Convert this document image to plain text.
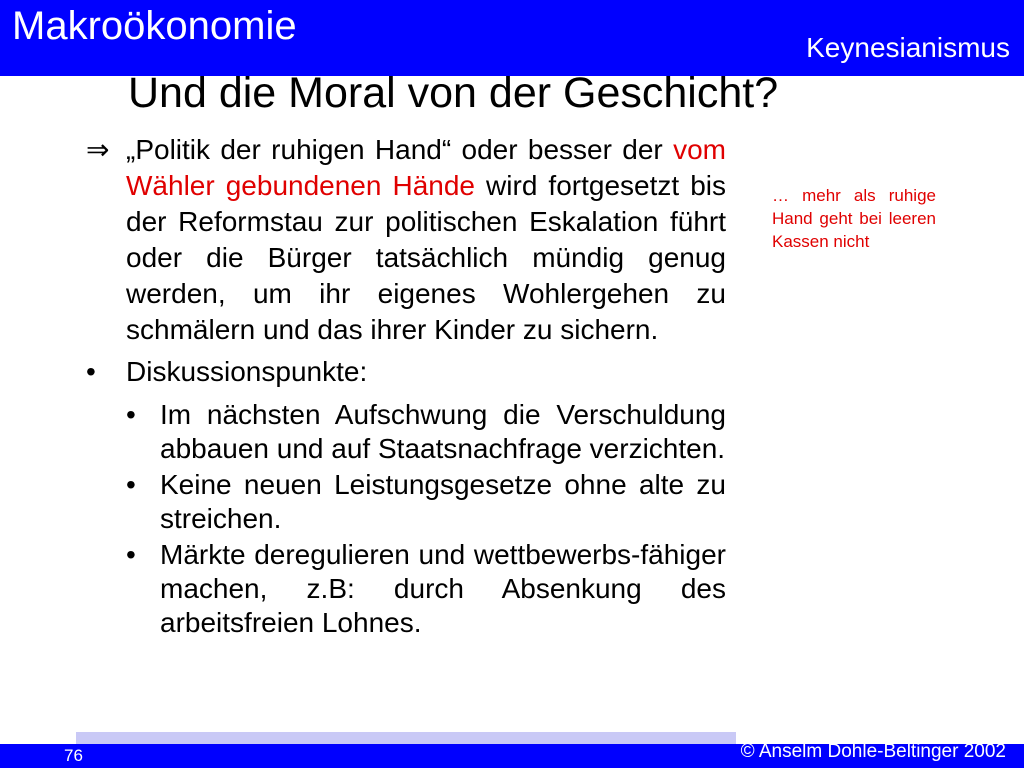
Makroökonomie	Keynesianismus
Und die Moral von der Geschicht?
⇒ „Politik der ruhigen Hand“ oder besser der vom Wähler gebundenen Hände wird fortgesetzt bis der Reformstau zur politischen Eskalation führt oder die Bürger tatsächlich mündig genug werden, um ihr eigenes Wohlergehen zu schmälern und das ihrer Kinder zu sichern.
• Diskussionspunkte:
• Im nächsten Aufschwung die Verschuldung abbauen und auf Staatsnachfrage verzichten.
• Keine neuen Leistungsgesetze ohne alte zu streichen.
• Märkte deregulieren und wettbewerbs-fähiger machen, z.B: durch Absenkung des arbeitsfreien Lohnes.
… mehr als ruhige Hand geht bei leeren Kassen nicht
76	© Anselm Dohle-Beltinger 2002
